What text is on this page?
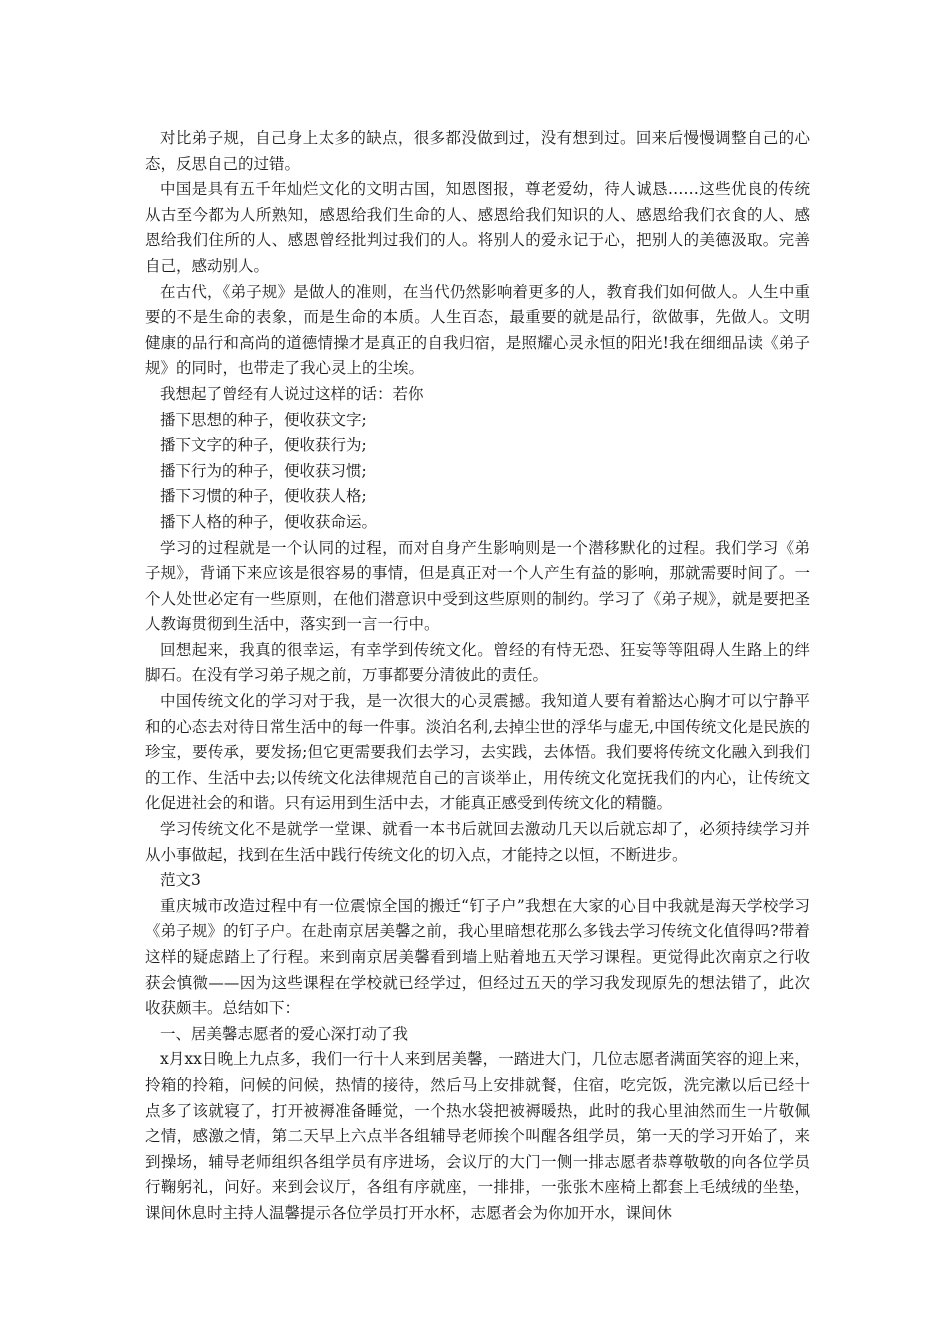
对比弟子规，自己身上太多的缺点，很多都没做到过，没有想到过。回来后慢慢调整自己的心态，反思自己的过错。

中国是具有五千年灿烂文化的文明古国，知恩图报，尊老爱幼，待人诚恳……这些优良的传统从古至今都为人所熟知，感恩给我们生命的人、感恩给我们知识的人、感恩给我们衣食的人、感恩给我们住所的人、感恩曾经批判过我们的人。将别人的爱永记于心，把别人的美德汲取。完善自己，感动别人。

在古代，《弟子规》是做人的准则，在当代仍然影响着更多的人，教育我们如何做人。人生中重要的不是生命的表象，而是生命的本质。人生百态，最重要的就是品行，欲做事，先做人。文明健康的品行和高尚的道德情操才是真正的自我归宿，是照耀心灵永恒的阳光!我在细细品读《弟子规》的同时，也带走了我心灵上的尘埃。

我想起了曾经有人说过这样的话：若你

播下思想的种子，便收获文字;

播下文字的种子，便收获行为;

播下行为的种子，便收获习惯;

播下习惯的种子，便收获人格;

播下人格的种子，便收获命运。

学习的过程就是一个认同的过程，而对自身产生影响则是一个潜移默化的过程。我们学习《弟子规》，背诵下来应该是很容易的事情，但是真正对一个人产生有益的影响，那就需要时间了。一个人处世必定有一些原则，在他们潜意识中受到这些原则的制约。学习了《弟子规》，就是要把圣人教诲贯彻到生活中，落实到一言一行中。

回想起来，我真的很幸运，有幸学到传统文化。曾经的有恃无恐、狂妄等等阻碍人生路上的绊脚石。在没有学习弟子规之前，万事都要分清彼此的责任。

中国传统文化的学习对于我，是一次很大的心灵震撼。我知道人要有着豁达心胸才可以宁静平和的心态去对待日常生活中的每一件事。淡泊名利,去掉尘世的浮华与虚无,中国传统文化是民族的珍宝，要传承，要发扬;但它更需要我们去学习，去实践，去体悟。我们要将传统文化融入到我们的工作、生活中去;以传统文化法律规范自己的言谈举止，用传统文化宽抚我们的内心，让传统文化促进社会的和谐。只有运用到生活中去，才能真正感受到传统文化的精髓。

学习传统文化不是就学一堂课、就看一本书后就回去激动几天以后就忘却了，必须持续学习并从小事做起，找到在生活中践行传统文化的切入点，才能持之以恒，不断进步。

范文3

重庆城市改造过程中有一位震惊全国的搬迁“钉子户”我想在大家的心目中我就是海天学校学习《弟子规》的钉子户。在赴南京居美馨之前，我心里暗想花那么多钱去学习传统文化值得吗?带着这样的疑虑踏上了行程。来到南京居美馨看到墙上贴着地五天学习课程。更觉得此次南京之行收获会慎微——因为这些课程在学校就已经学过，但经过五天的学习我发现原先的想法错了，此次收获颇丰。总结如下：

一、居美馨志愿者的爱心深打动了我

x月xx日晚上九点多，我们一行十人来到居美馨，一踏进大门，几位志愿者满面笑容的迎上来，拎箱的拎箱，问候的问候，热情的接待，然后马上安排就餐，住宿，吃完饭，洗完漱以后已经十点多了该就寝了，打开被褥准备睡觉，一个热水袋把被褥暖热，此时的我心里油然而生一片敬佩之情，感激之情，第二天早上六点半各组辅导老师挨个叫醒各组学员，第一天的学习开始了，来到操场，辅导老师组织各组学员有序进场，会议厅的大门一侧一排志愿者恭尊敬敬的向各位学员行鞠躬礼，问好。来到会议厅，各组有序就座，一排排，一张张木座椅上都套上毛绒绒的坐垫，课间休息时主持人温馨提示各位学员打开水杯，志愿者会为你加开水，课间休
